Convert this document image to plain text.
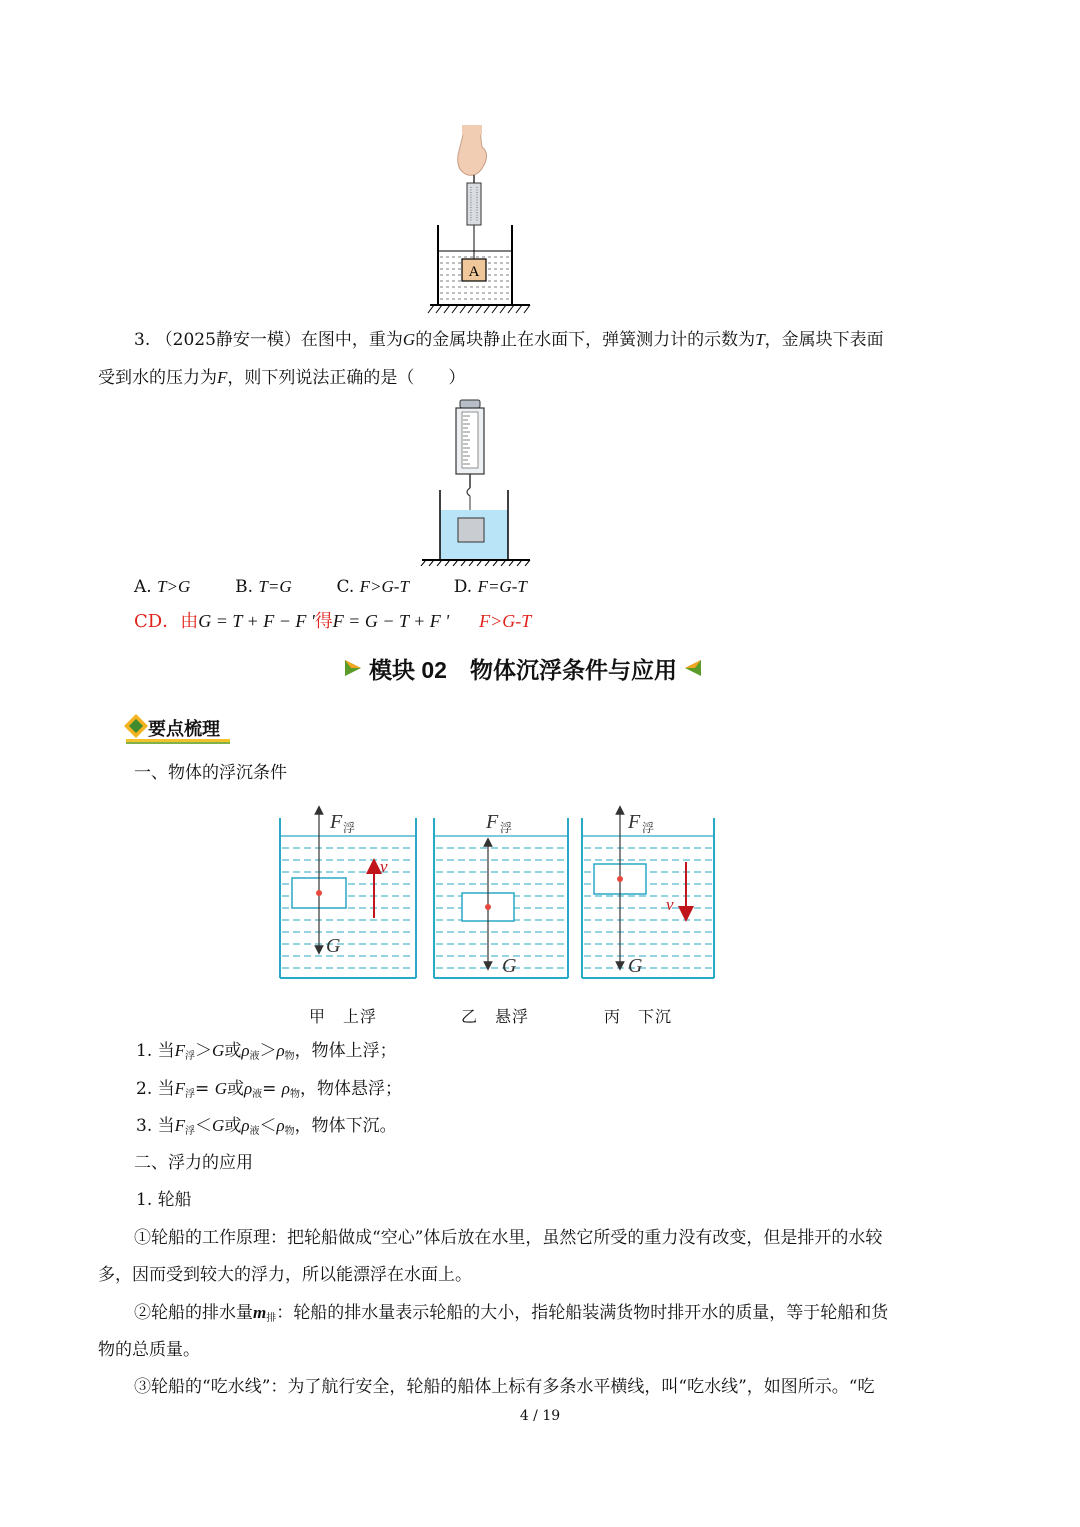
A
3. （2025静安一模）在图中，重为G的金属块静止在水面下，弹簧测力计的示数为T，金属块下表面
受到水的压力为F，则下列说法正确的是（　　）
A. T>G	B. T=G	C. F>G-T	D. F=G-T
CD．由G = T + F − F '得F = G − T + F ' F>G-T
模块 02　物体沉浮条件与应用
要点梳理
一、物体的浮沉条件
F 浮
G
v
F 浮
G
F 浮
G
v
甲　上浮	乙　悬浮	丙　下沉
1. 当$F_浮>G$或$\rho_液>\rho_物$，物体上浮；
2. 当$F_浮= G$或$\rho_液= \rho_物$，物体悬浮；
3. 当$F_浮<G$或$\rho_液<\rho_物$，物体下沉。
二、浮力的应用
1. 轮船
①轮船的工作原理：把轮船做成“空心”体后放在水里，虽然它所受的重力没有改变，但是排开的水较
多，因而受到较大的浮力，所以能漂浮在水面上。
②轮船的排水量$m_排$：轮船的排水量表示轮船的大小，指轮船装满货物时排开水的质量，等于轮船和货
物的总质量。
③轮船的“吃水线”：为了航行安全，轮船的船体上标有多条水平横线，叫“吃水线”，如图所示。“吃
4 / 19
